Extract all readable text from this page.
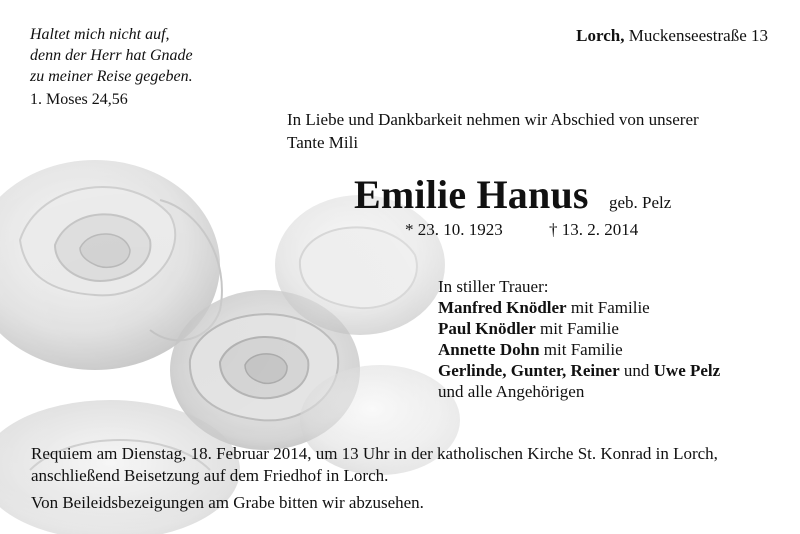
Haltet mich nicht auf,
denn der Herr hat Gnade
zu meiner Reise gegeben.
1. Moses 24,56
Lorch, Muckenseestraße 13
In Liebe und Dankbarkeit nehmen wir Abschied von unserer
Tante Mili
Emilie Hanus geb. Pelz
* 23. 10. 1923	† 13. 2. 2014
In stiller Trauer:
Manfred Knödler mit Familie
Paul Knödler mit Familie
Annette Dohn mit Familie
Gerlinde, Gunter, Reiner und Uwe Pelz
und alle Angehörigen
Requiem am Dienstag, 18. Februar 2014, um 13 Uhr in der katholischen Kirche St. Konrad in Lorch, anschließend Beisetzung auf dem Friedhof in Lorch.
Von Beileidsbezeigungen am Grabe bitten wir abzusehen.
